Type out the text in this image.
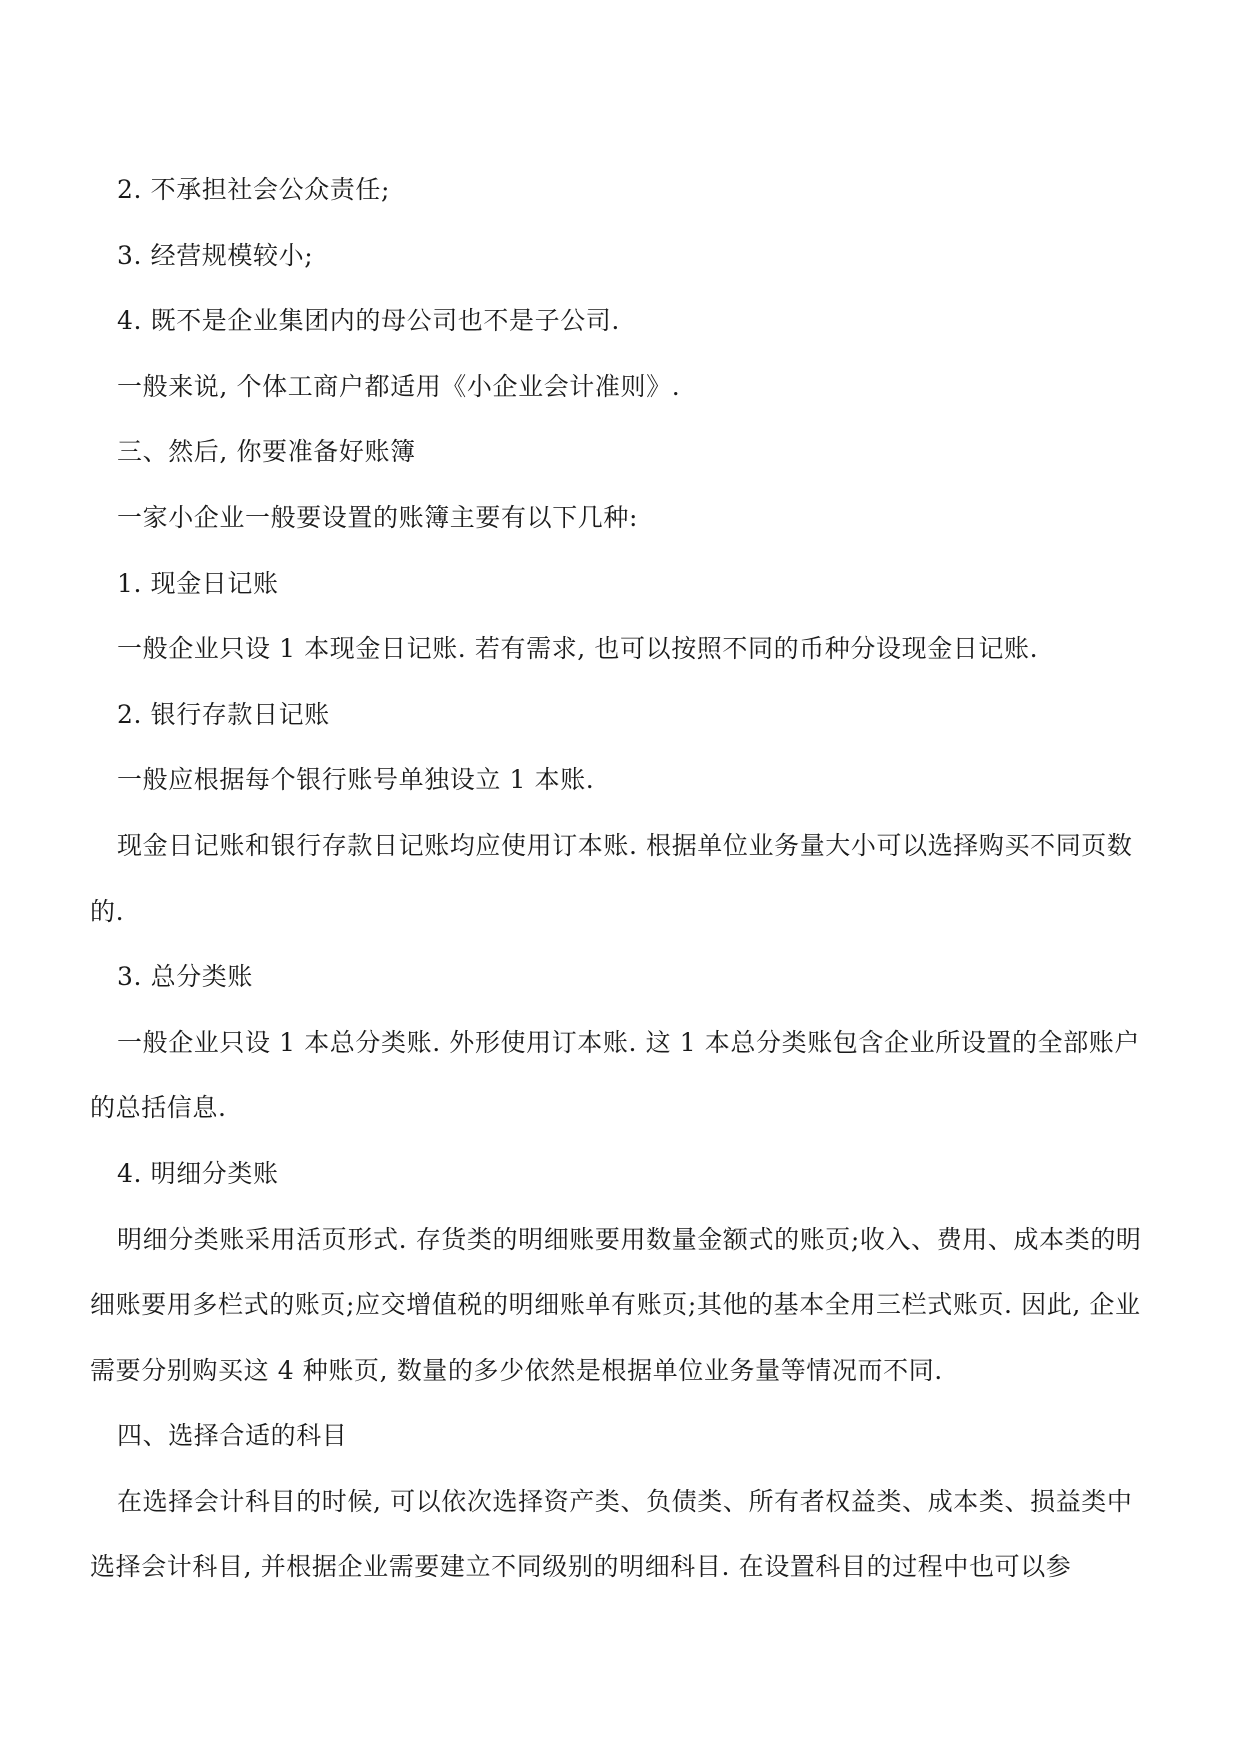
2. 不承担社会公众责任;

3. 经营规模较小;

4. 既不是企业集团内的母公司也不是子公司.

一般来说, 个体工商户都适用《小企业会计准则》.

三、然后, 你要准备好账簿

一家小企业一般要设置的账簿主要有以下几种:

1. 现金日记账

一般企业只设 1 本现金日记账. 若有需求, 也可以按照不同的币种分设现金日记账.

2. 银行存款日记账

一般应根据每个银行账号单独设立 1 本账.

现金日记账和银行存款日记账均应使用订本账. 根据单位业务量大小可以选择购买不同页数的.

3. 总分类账

一般企业只设 1 本总分类账. 外形使用订本账. 这 1 本总分类账包含企业所设置的全部账户的总括信息.

4. 明细分类账

明细分类账采用活页形式. 存货类的明细账要用数量金额式的账页;收入、费用、成本类的明细账要用多栏式的账页;应交增值税的明细账单有账页;其他的基本全用三栏式账页. 因此, 企业需要分别购买这 4 种账页, 数量的多少依然是根据单位业务量等情况而不同.

四、选择合适的科目

在选择会计科目的时候, 可以依次选择资产类、负债类、所有者权益类、成本类、损益类中选择会计科目, 并根据企业需要建立不同级别的明细科目. 在设置科目的过程中也可以参
